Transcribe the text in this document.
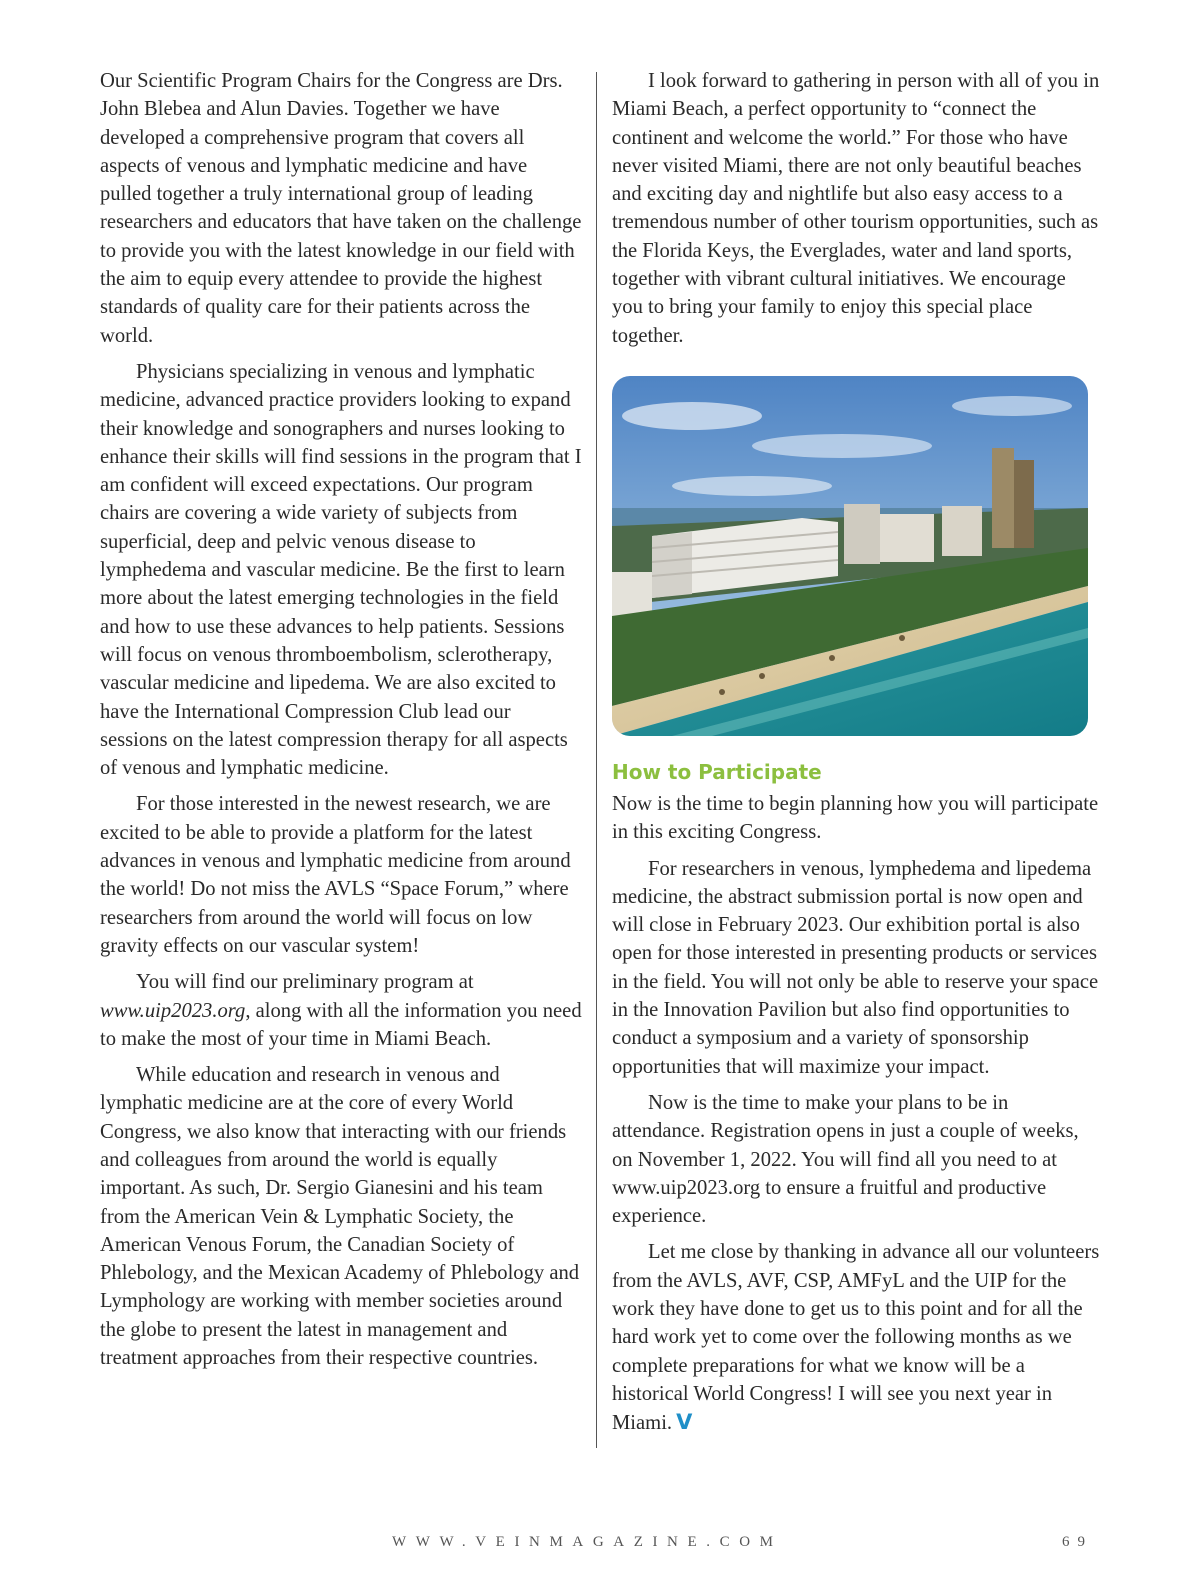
Our Scientific Program Chairs for the Congress are Drs. John Blebea and Alun Davies. Together we have developed a comprehensive program that covers all aspects of venous and lymphatic medicine and have pulled together a truly international group of leading researchers and educators that have taken on the challenge to provide you with the latest knowledge in our field with the aim to equip every attendee to provide the highest standards of quality care for their patients across the world.

Physicians specializing in venous and lymphatic medicine, advanced practice providers looking to expand their knowledge and sonographers and nurses looking to enhance their skills will find sessions in the program that I am confident will exceed expectations. Our program chairs are covering a wide variety of subjects from superficial, deep and pelvic venous disease to lymphedema and vascular medicine. Be the first to learn more about the latest emerging technologies in the field and how to use these advances to help patients. Sessions will focus on venous thromboembolism, sclerotherapy, vascular medicine and lipedema. We are also excited to have the International Compression Club lead our sessions on the latest compression therapy for all aspects of venous and lymphatic medicine.

For those interested in the newest research, we are excited to be able to provide a platform for the latest advances in venous and lymphatic medicine from around the world! Do not miss the AVLS “Space Forum,” where researchers from around the world will focus on low gravity effects on our vascular system!

You will find our preliminary program at www.uip2023.org, along with all the information you need to make the most of your time in Miami Beach.

While education and research in venous and lymphatic medicine are at the core of every World Congress, we also know that interacting with our friends and colleagues from around the world is equally important. As such, Dr. Sergio Gianesini and his team from the American Vein & Lymphatic Society, the American Venous Forum, the Canadian Society of Phlebology, and the Mexican Academy of Phlebology and Lymphology are working with member societies around the globe to present the latest in management and treatment approaches from their respective countries.

I look forward to gathering in person with all of you in Miami Beach, a perfect opportunity to “connect the continent and welcome the world.” For those who have never visited Miami, there are not only beautiful beaches and exciting day and nightlife but also easy access to a tremendous number of other tourism opportunities, such as the Florida Keys, the Everglades, water and land sports, together with vibrant cultural initiatives. We encourage you to bring your family to enjoy this special place together.

How to Participate

Now is the time to begin planning how you will participate in this exciting Congress.

For researchers in venous, lymphedema and lipedema medicine, the abstract submission portal is now open and will close in February 2023. Our exhibition portal is also open for those interested in presenting products or services in the field. You will not only be able to reserve your space in the Innovation Pavilion but also find opportunities to conduct a symposium and a variety of sponsorship opportunities that will maximize your impact.

Now is the time to make your plans to be in attendance. Registration opens in just a couple of weeks, on November 1, 2022. You will find all you need to at www.uip2023.org to ensure a fruitful and productive experience.

Let me close by thanking in advance all our volunteers from the AVLS, AVF, CSP, AMFyL and the UIP for the work they have done to get us to this point and for all the hard work yet to come over the following months as we complete preparations for what we know will be a historical World Congress! I will see you next year in Miami. V

WWW.VEINMAGAZINE.COM	69
